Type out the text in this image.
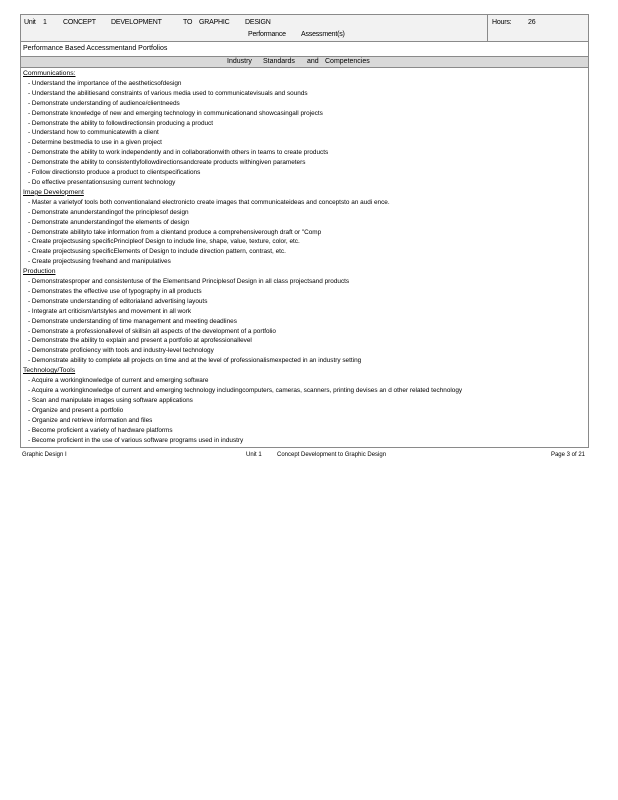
Unit 1 CONCEPT DEVELOPMENT	TO GRAPHIC DESIGN
Performance Assessment(s)
Hours: 26
Performance Based Accessmentand Portfolios
Industry Standards and Competencies
Communications:
- Understand the importance of the aestheticsofdesign
- Understand the abilitiesand constraints of various media used to communicatevisuals and sounds
- Demonstrate understanding of audience/clientneeds
- Demonstrate knowledge of new and emerging technology in communicationand showcasingall projects
- Demonstrate the ability to followdirectionsin producing a product
- Understand how to communicatewith a client
- Determine bestmedia to use in a given project
- Demonstrate the ability to work independently and in collaborationwith others in teams to create products
- Demonstrate the ability to consistentlyfollowdirectionsandcreate products withingiven parameters
- Follow directionsto produce a product to clientspecifications
- Do effective presentationsusing current technology
Image Development
- Master a varietyof tools both conventionaland electronicto create images that communicateideas and conceptsto an audi ence.
- Demonstrate anunderstandingof the principlesof design
- Demonstrate anunderstandingof the elements of design
- Demonstrate abilityto take information from a clientand produce a comprehensiverough draft or "Comp
- Create projectsusing specificPrincipleof Design to include line, shape, value, texture, color, etc.
- Create projectsusing specificElements of Design to include direction pattern, contrast, etc.
- Create projectsusing freehand and manipulatives
Production
- Demonstratesproper and consistentuse of the Elementsand Principlesof Design in all class projectsand products
- Demonstrates the effective use of typography in all products
- Demonstrate understanding of editorialand advertising layouts
- Integrate art criticism/artstyles and movement in all work
- Demonstrate understanding of time management and meeting deadlines
- Demonstrate a professionallevel of skillsin all aspects of the development of a portfolio
- Demonstrate the ability to explain and present a portfolio at aprofessionallevel
- Demonstrate proficiency with tools and industry-level technology
- Demonstrate ability to complete all projects on time and at the level of professionalismexpected in an industry setting
Technology/Tools
- Acquire a workingknowledge of current and emerging software
- Acquire a workingknowledge of current and emerging technology includingcomputers, cameras, scanners, printing devises an d other related technology
- Scan and manipulate images using software applications
- Organize and present a portfolio
- Organize and retrieve information and files
- Become proficient a variety of hardware platforms
- Become proficient in the use of various software programs used in industry
Graphic Design I	Unit 1	Concept Development to Graphic Design	Page 3 of 21
